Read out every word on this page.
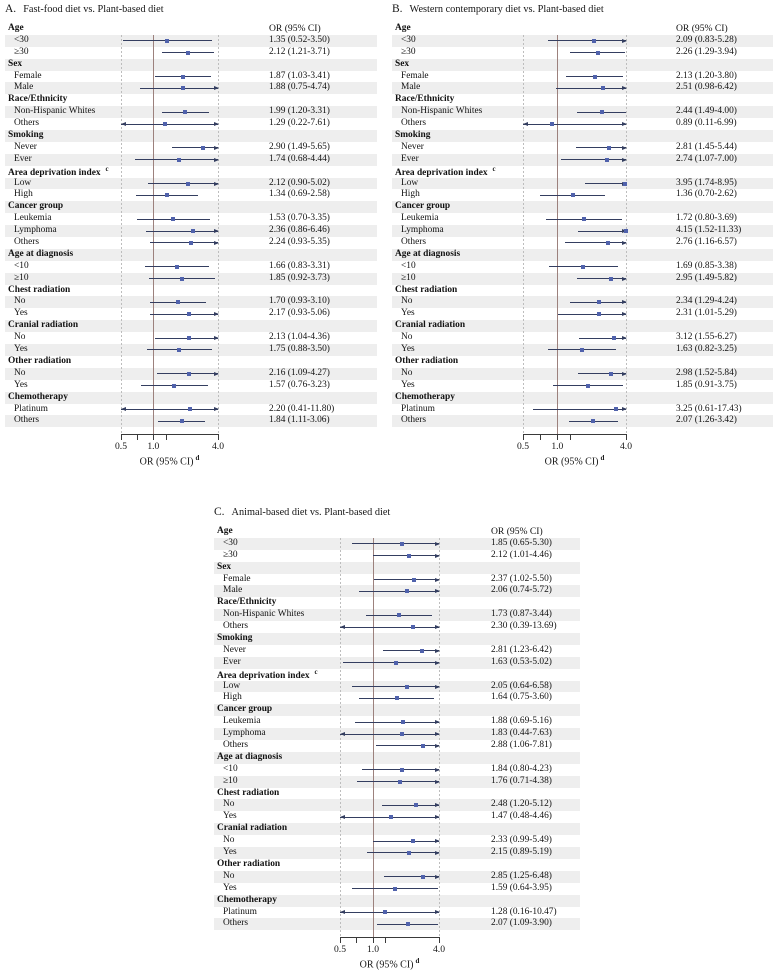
A. Fast-food diet vs. Plant-based diet
Age	OR (95% CI)
<30	1.35 (0.52-3.50)
≥30	2.12 (1.21-3.71)
Sex
Female	1.87 (1.03-3.41)
Male	1.88 (0.75-4.74)
Race/Ethnicity
Non-Hispanic Whites	1.99 (1.20-3.31)
Others	1.29 (0.22-7.61)
Smoking
Never	2.90 (1.49-5.65)
Ever	1.74 (0.68-4.44)
Area deprivation index $^c$
Low	2.12 (0.90-5.02)
High	1.34 (0.69-2.58)
Cancer group
Leukemia	1.53 (0.70-3.35)
Lymphoma	2.36 (0.86-6.46)
Others	2.24 (0.93-5.35)
Age at diagnosis
<10	1.66 (0.83-3.31)
≥10	1.85 (0.92-3.73)
Chest radiation
No	1.70 (0.93-3.10)
Yes	2.17 (0.93-5.06)
Cranial radiation
No	2.13 (1.04-4.36)
Yes	1.75 (0.88-3.50)
Other radiation
No	2.16 (1.09-4.27)
Yes	1.57 (0.76-3.23)
Chemotherapy
Platinum	2.20 (0.41-11.80)
Others	1.84 (1.11-3.06)
0.5 1.0	4.0
OR (95% CI) $^d$
B. Western contemporary diet vs. Plant-based diet
Age	OR (95% CI)
<30	2.09 (0.83-5.28)
≥30	2.26 (1.29-3.94)
Sex
Female	2.13 (1.20-3.80)
Male	2.51 (0.98-6.42)
Race/Ethnicity
Non-Hispanic Whites	2.44 (1.49-4.00)
Others	0.89 (0.11-6.99)
Smoking
Never	2.81 (1.45-5.44)
Ever	2.74 (1.07-7.00)
Area deprivation index $^c$
Low	3.95 (1.74-8.95)
High	1.36 (0.70-2.62)
Cancer group
Leukemia	1.72 (0.80-3.69)
Lymphoma	4.15 (1.52-11.33)
Others	2.76 (1.16-6.57)
Age at diagnosis
<10	1.69 (0.85-3.38)
≥10	2.95 (1.49-5.82)
Chest radiation
No	2.34 (1.29-4.24)
Yes	2.31 (1.01-5.29)
Cranial radiation
No	3.12 (1.55-6.27)
Yes	1.63 (0.82-3.25)
Other radiation
No	2.98 (1.52-5.84)
Yes	1.85 (0.91-3.75)
Chemotherapy
Platinum	3.25 (0.61-17.43)
Others	2.07 (1.26-3.42)
0.5 1.0	4.0
OR (95% CI) $^d$
C. Animal-based diet vs. Plant-based diet
Age	OR (95% CI)
<30	1.85 (0.65-5.30)
≥30	2.12 (1.01-4.46)
Sex
Female	2.37 (1.02-5.50)
Male	2.06 (0.74-5.72)
Race/Ethnicity
Non-Hispanic Whites	1.73 (0.87-3.44)
Others	2.30 (0.39-13.69)
Smoking
Never	2.81 (1.23-6.42)
Ever	1.63 (0.53-5.02)
Area deprivation index $^c$
Low	2.05 (0.64-6.58)
High	1.64 (0.75-3.60)
Cancer group
Leukemia	1.88 (0.69-5.16)
Lymphoma	1.83 (0.44-7.63)
Others	2.88 (1.06-7.81)
Age at diagnosis
<10	1.84 (0.80-4.23)
≥10	1.76 (0.71-4.38)
Chest radiation
No	2.48 (1.20-5.12)
Yes	1.47 (0.48-4.46)
Cranial radiation
No	2.33 (0.99-5.49)
Yes	2.15 (0.89-5.19)
Other radiation
No	2.85 (1.25-6.48)
Yes	1.59 (0.64-3.95)
Chemotherapy
Platinum	1.28 (0.16-10.47)
Others	2.07 (1.09-3.90)
0.5 1.0	4.0
OR (95% CI) $^d$
